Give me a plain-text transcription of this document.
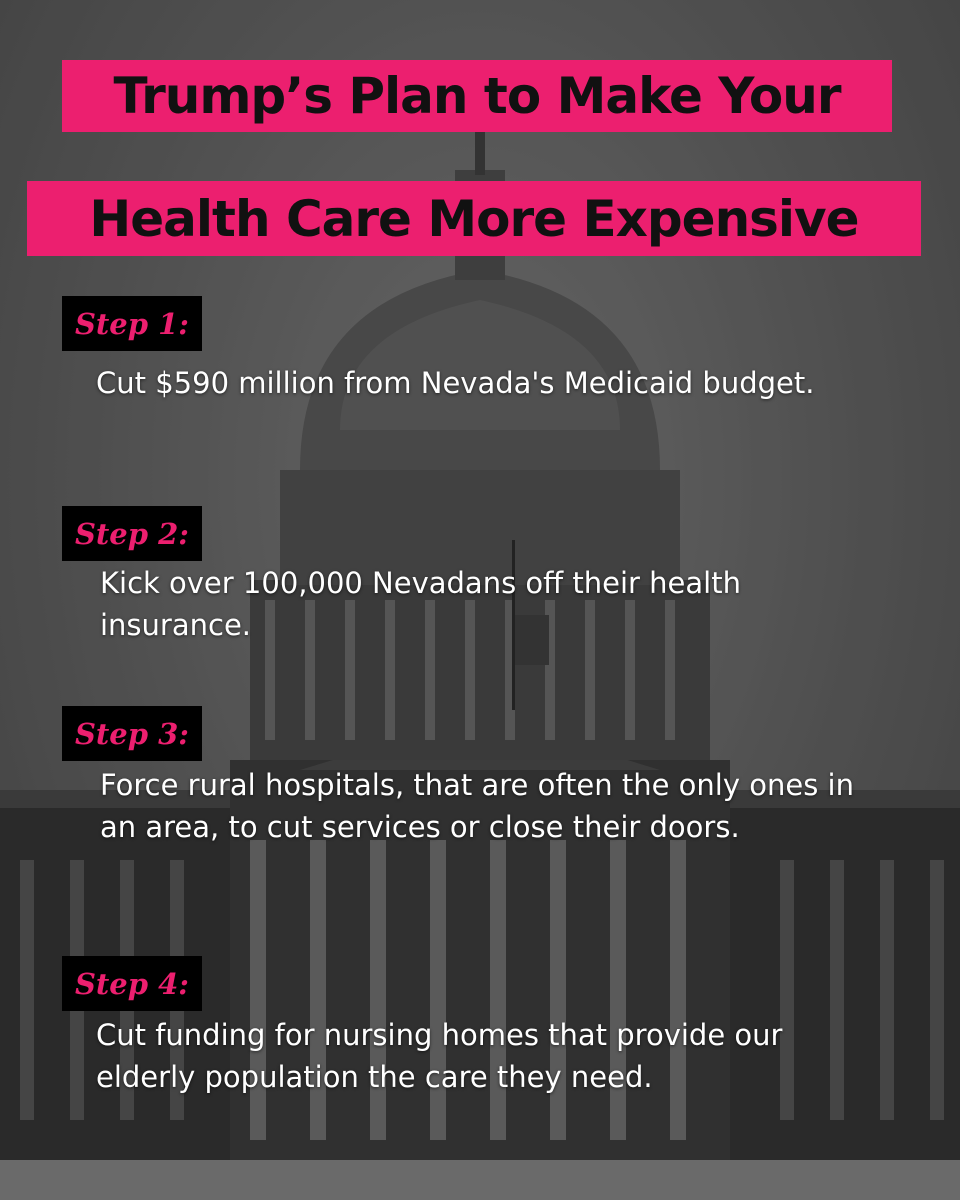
Trump’s Plan to Make Your
Health Care More Expensive
Step 1:
Cut $590 million from Nevada's Medicaid budget.
Step 2:
Kick over 100,000 Nevadans off their health insurance.
Step 3:
Force rural hospitals, that are often the only ones in an area, to cut services or close their doors.
Step 4:
Cut funding for nursing homes that provide our elderly population the care they need.
